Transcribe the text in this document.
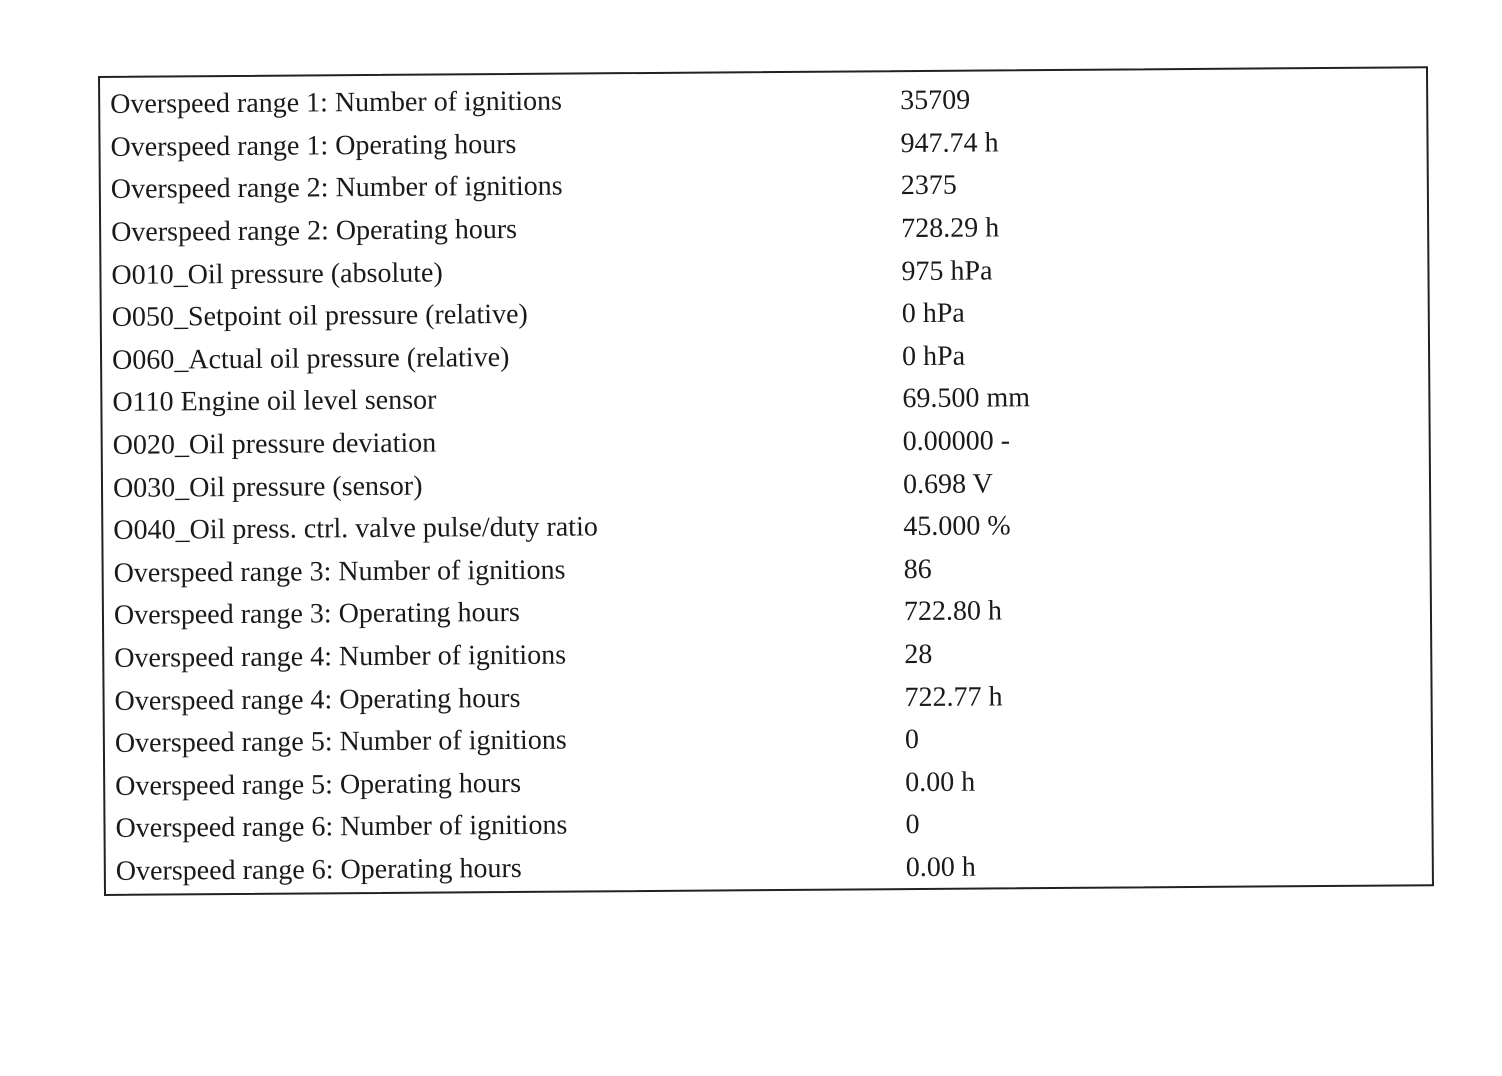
Overspeed range 1: Number of ignitions	35709
Overspeed range 1: Operating hours	947.74 h
Overspeed range 2: Number of ignitions	2375
Overspeed range 2: Operating hours	728.29 h
O010_Oil pressure (absolute)	975 hPa
O050_Setpoint oil pressure (relative)	0 hPa
O060_Actual oil pressure (relative)	0 hPa
O110 Engine oil level sensor	69.500 mm
O020_Oil pressure deviation	0.00000 -
O030_Oil pressure (sensor)	0.698 V
O040_Oil press. ctrl. valve pulse/duty ratio	45.000 %
Overspeed range 3: Number of ignitions	86
Overspeed range 3: Operating hours	722.80 h
Overspeed range 4: Number of ignitions	28
Overspeed range 4: Operating hours	722.77 h
Overspeed range 5: Number of ignitions	0
Overspeed range 5: Operating hours	0.00 h
Overspeed range 6: Number of ignitions	0
Overspeed range 6: Operating hours	0.00 h
